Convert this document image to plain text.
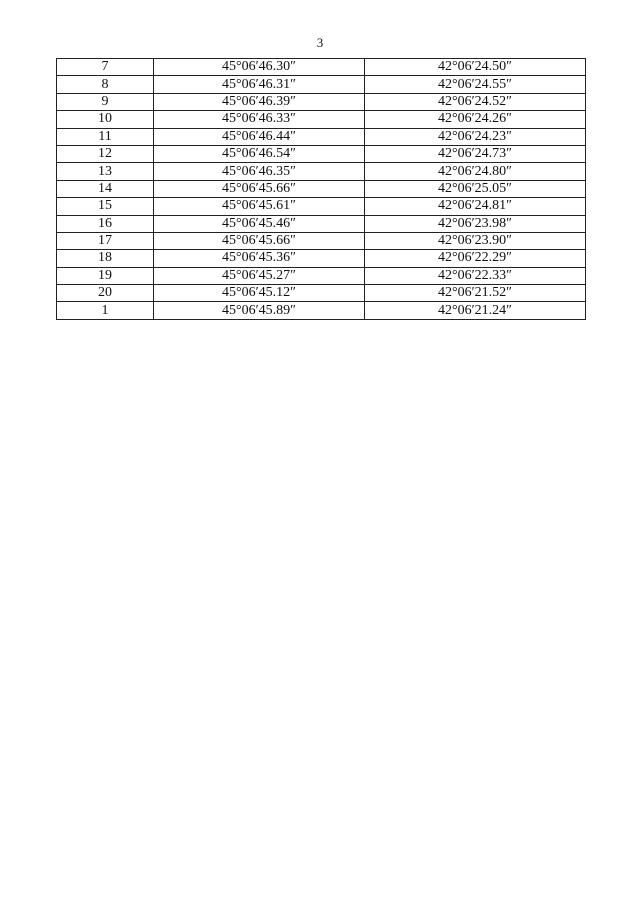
3
7	45°06′46.30″	42°06′24.50″
8	45°06′46.31″	42°06′24.55″
9	45°06′46.39″	42°06′24.52″
10	45°06′46.33″	42°06′24.26″
11	45°06′46.44″	42°06′24.23″
12	45°06′46.54″	42°06′24.73″
13	45°06′46.35″	42°06′24.80″
14	45°06′45.66″	42°06′25.05″
15	45°06′45.61″	42°06′24.81″
16	45°06′45.46″	42°06′23.98″
17	45°06′45.66″	42°06′23.90″
18	45°06′45.36″	42°06′22.29″
19	45°06′45.27″	42°06′22.33″
20	45°06′45.12″	42°06′21.52″
1	45°06′45.89″	42°06′21.24″
